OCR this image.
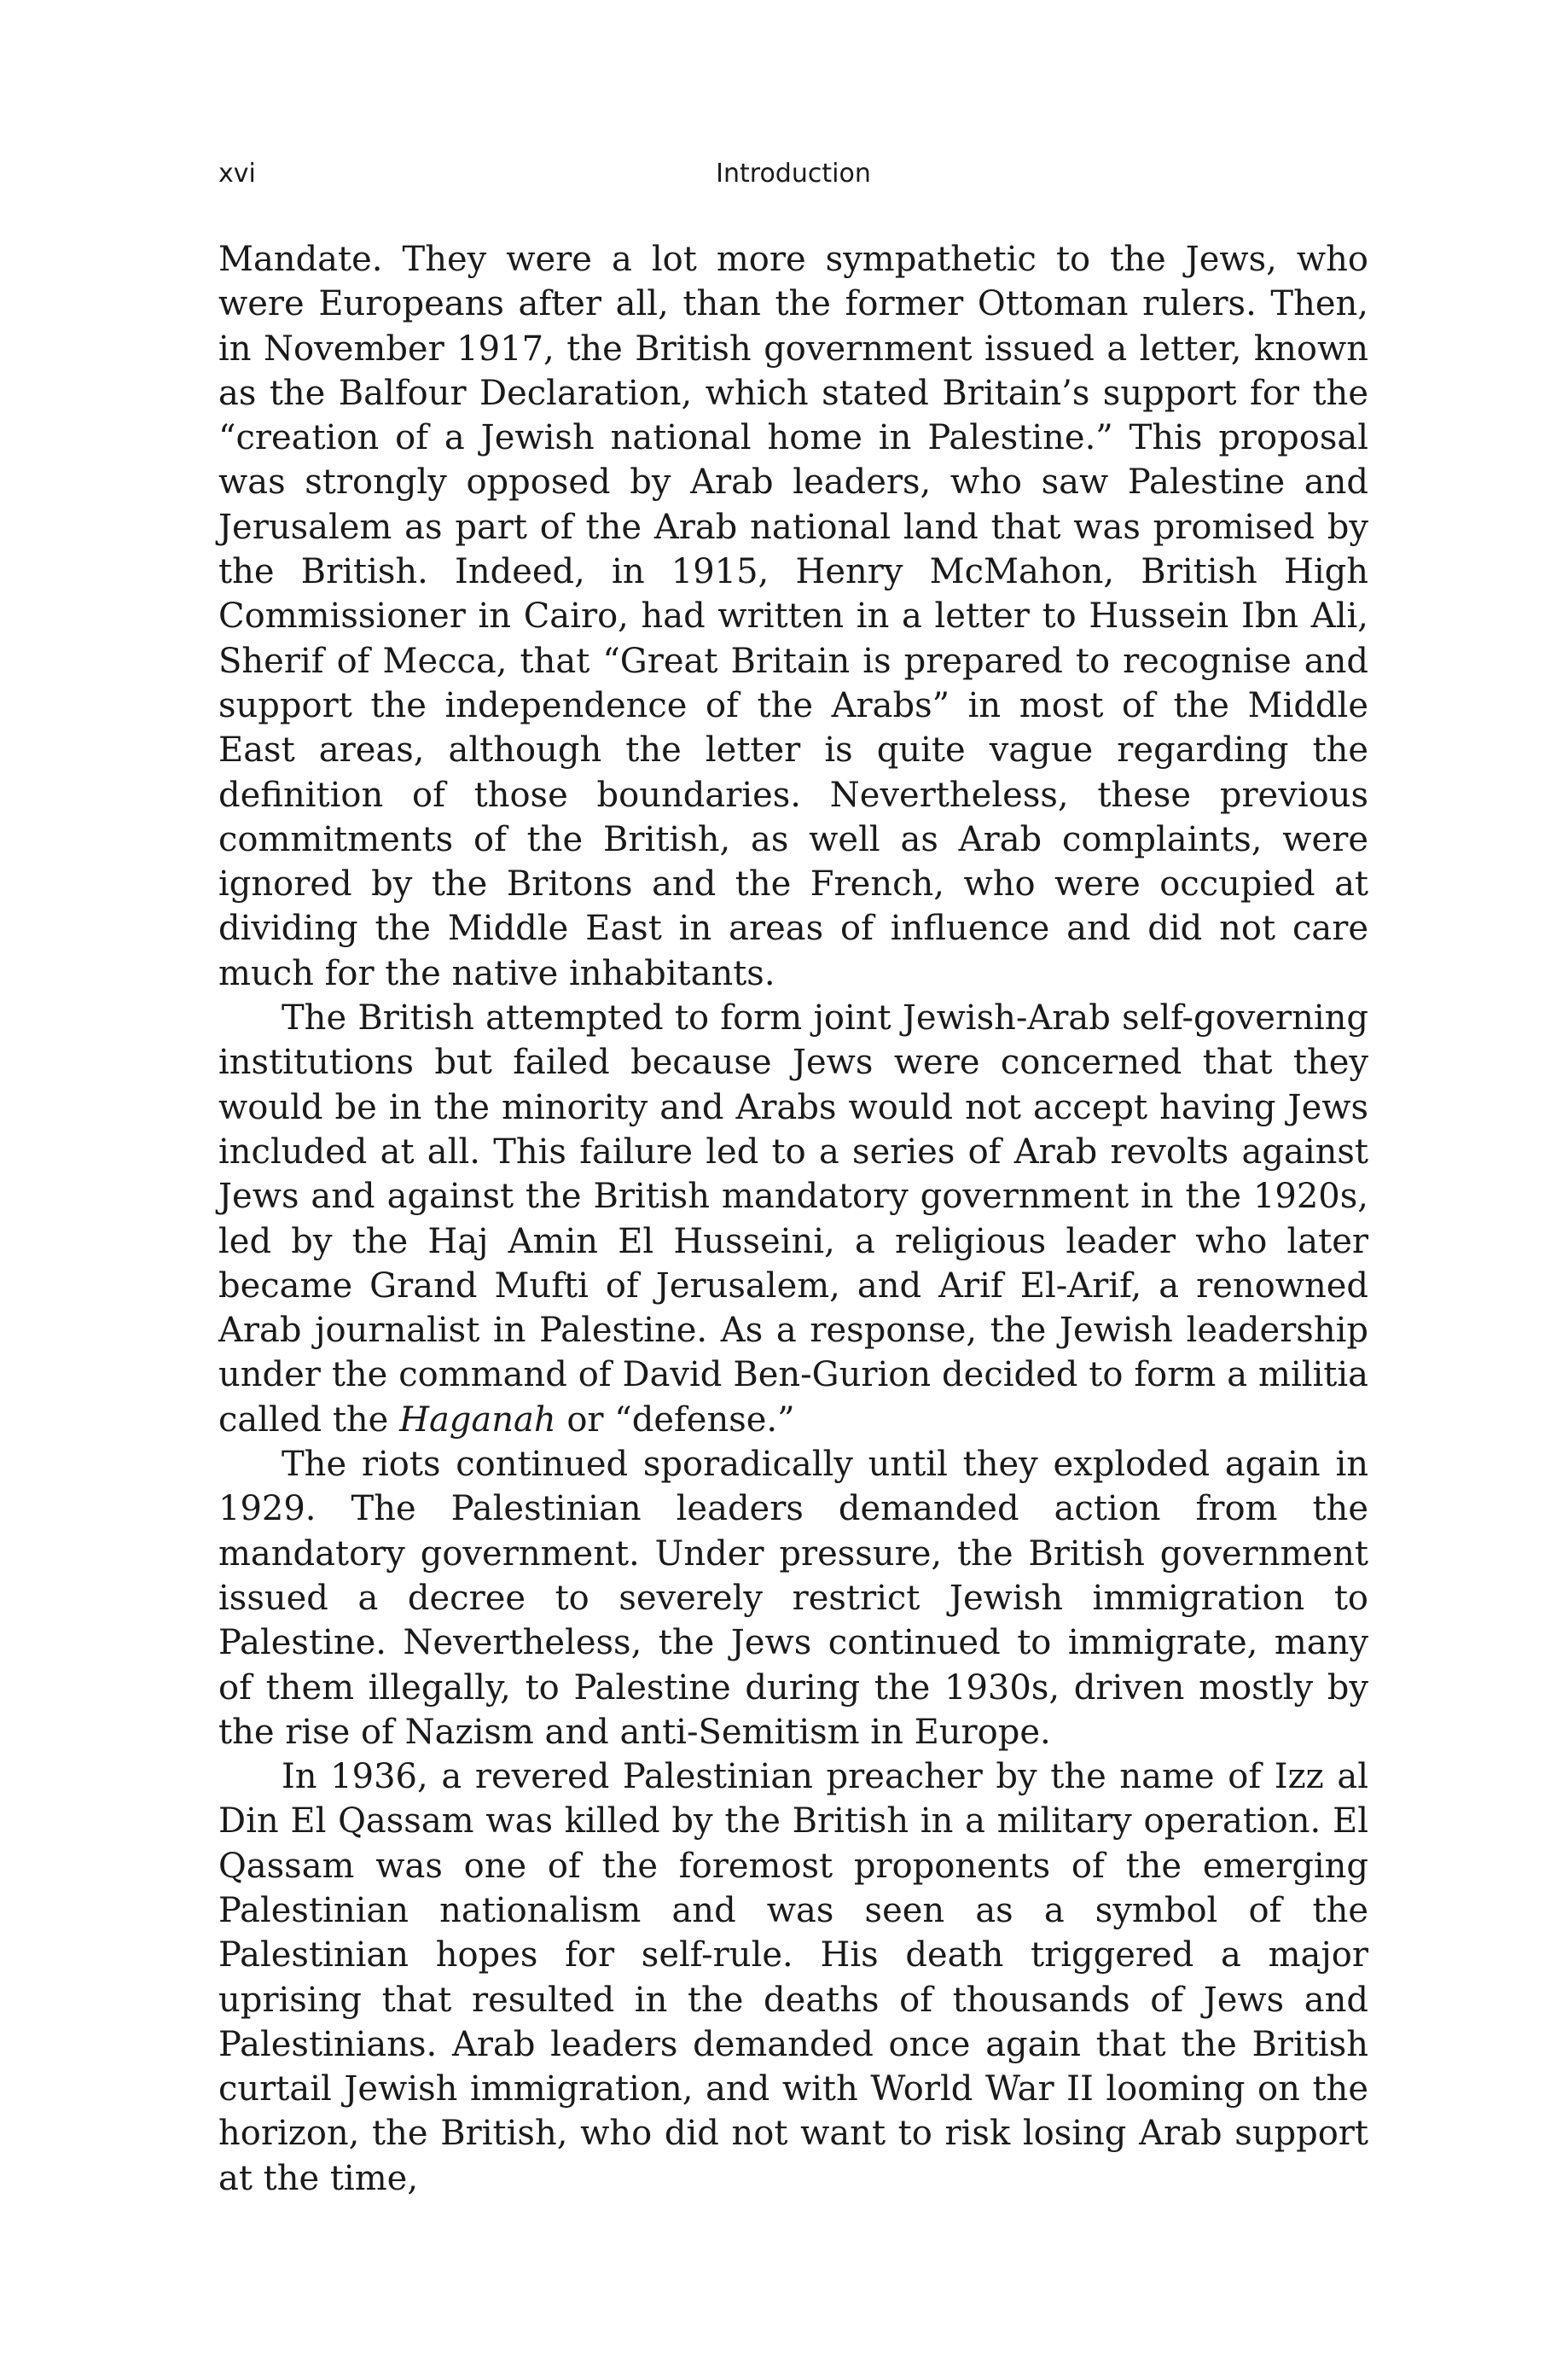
xvi	Introduction

Mandate. They were a lot more sympathetic to the Jews, who were Europeans after all, than the former Ottoman rulers. Then, in November 1917, the British government issued a letter, known as the Balfour Declaration, which stated Britain’s support for the “creation of a Jewish national home in Palestine.” This proposal was strongly opposed by Arab leaders, who saw Palestine and Jerusalem as part of the Arab national land that was promised by the British. Indeed, in 1915, Henry McMahon, British High Commissioner in Cairo, had written in a letter to Hussein Ibn Ali, Sherif of Mecca, that “Great Britain is prepared to recognise and support the independence of the Arabs” in most of the Middle East areas, although the letter is quite vague regarding the definition of those boundaries. Nevertheless, these previous commitments of the British, as well as Arab complaints, were ignored by the Britons and the French, who were occupied at dividing the Middle East in areas of influence and did not care much for the native inhabitants.

The British attempted to form joint Jewish-Arab self-governing institutions but failed because Jews were concerned that they would be in the minority and Arabs would not accept having Jews included at all. This failure led to a series of Arab revolts against Jews and against the British mandatory government in the 1920s, led by the Haj Amin El Husseini, a religious leader who later became Grand Mufti of Jerusalem, and Arif El-Arif, a renowned Arab journalist in Palestine. As a response, the Jewish leadership under the command of David Ben-Gurion decided to form a militia called the Haganah or “defense.”

The riots continued sporadically until they exploded again in 1929. The Palestinian leaders demanded action from the mandatory government. Under pressure, the British government issued a decree to severely restrict Jewish immigration to Palestine. Nevertheless, the Jews continued to immigrate, many of them illegally, to Palestine during the 1930s, driven mostly by the rise of Nazism and anti-Semitism in Europe.

In 1936, a revered Palestinian preacher by the name of Izz al Din El Qassam was killed by the British in a military operation. El Qassam was one of the foremost proponents of the emerging Palestinian nationalism and was seen as a symbol of the Palestinian hopes for self-rule. His death triggered a major uprising that resulted in the deaths of thousands of Jews and Palestinians. Arab leaders demanded once again that the British curtail Jewish immigration, and with World War II looming on the horizon, the British, who did not want to risk losing Arab support at the time,
